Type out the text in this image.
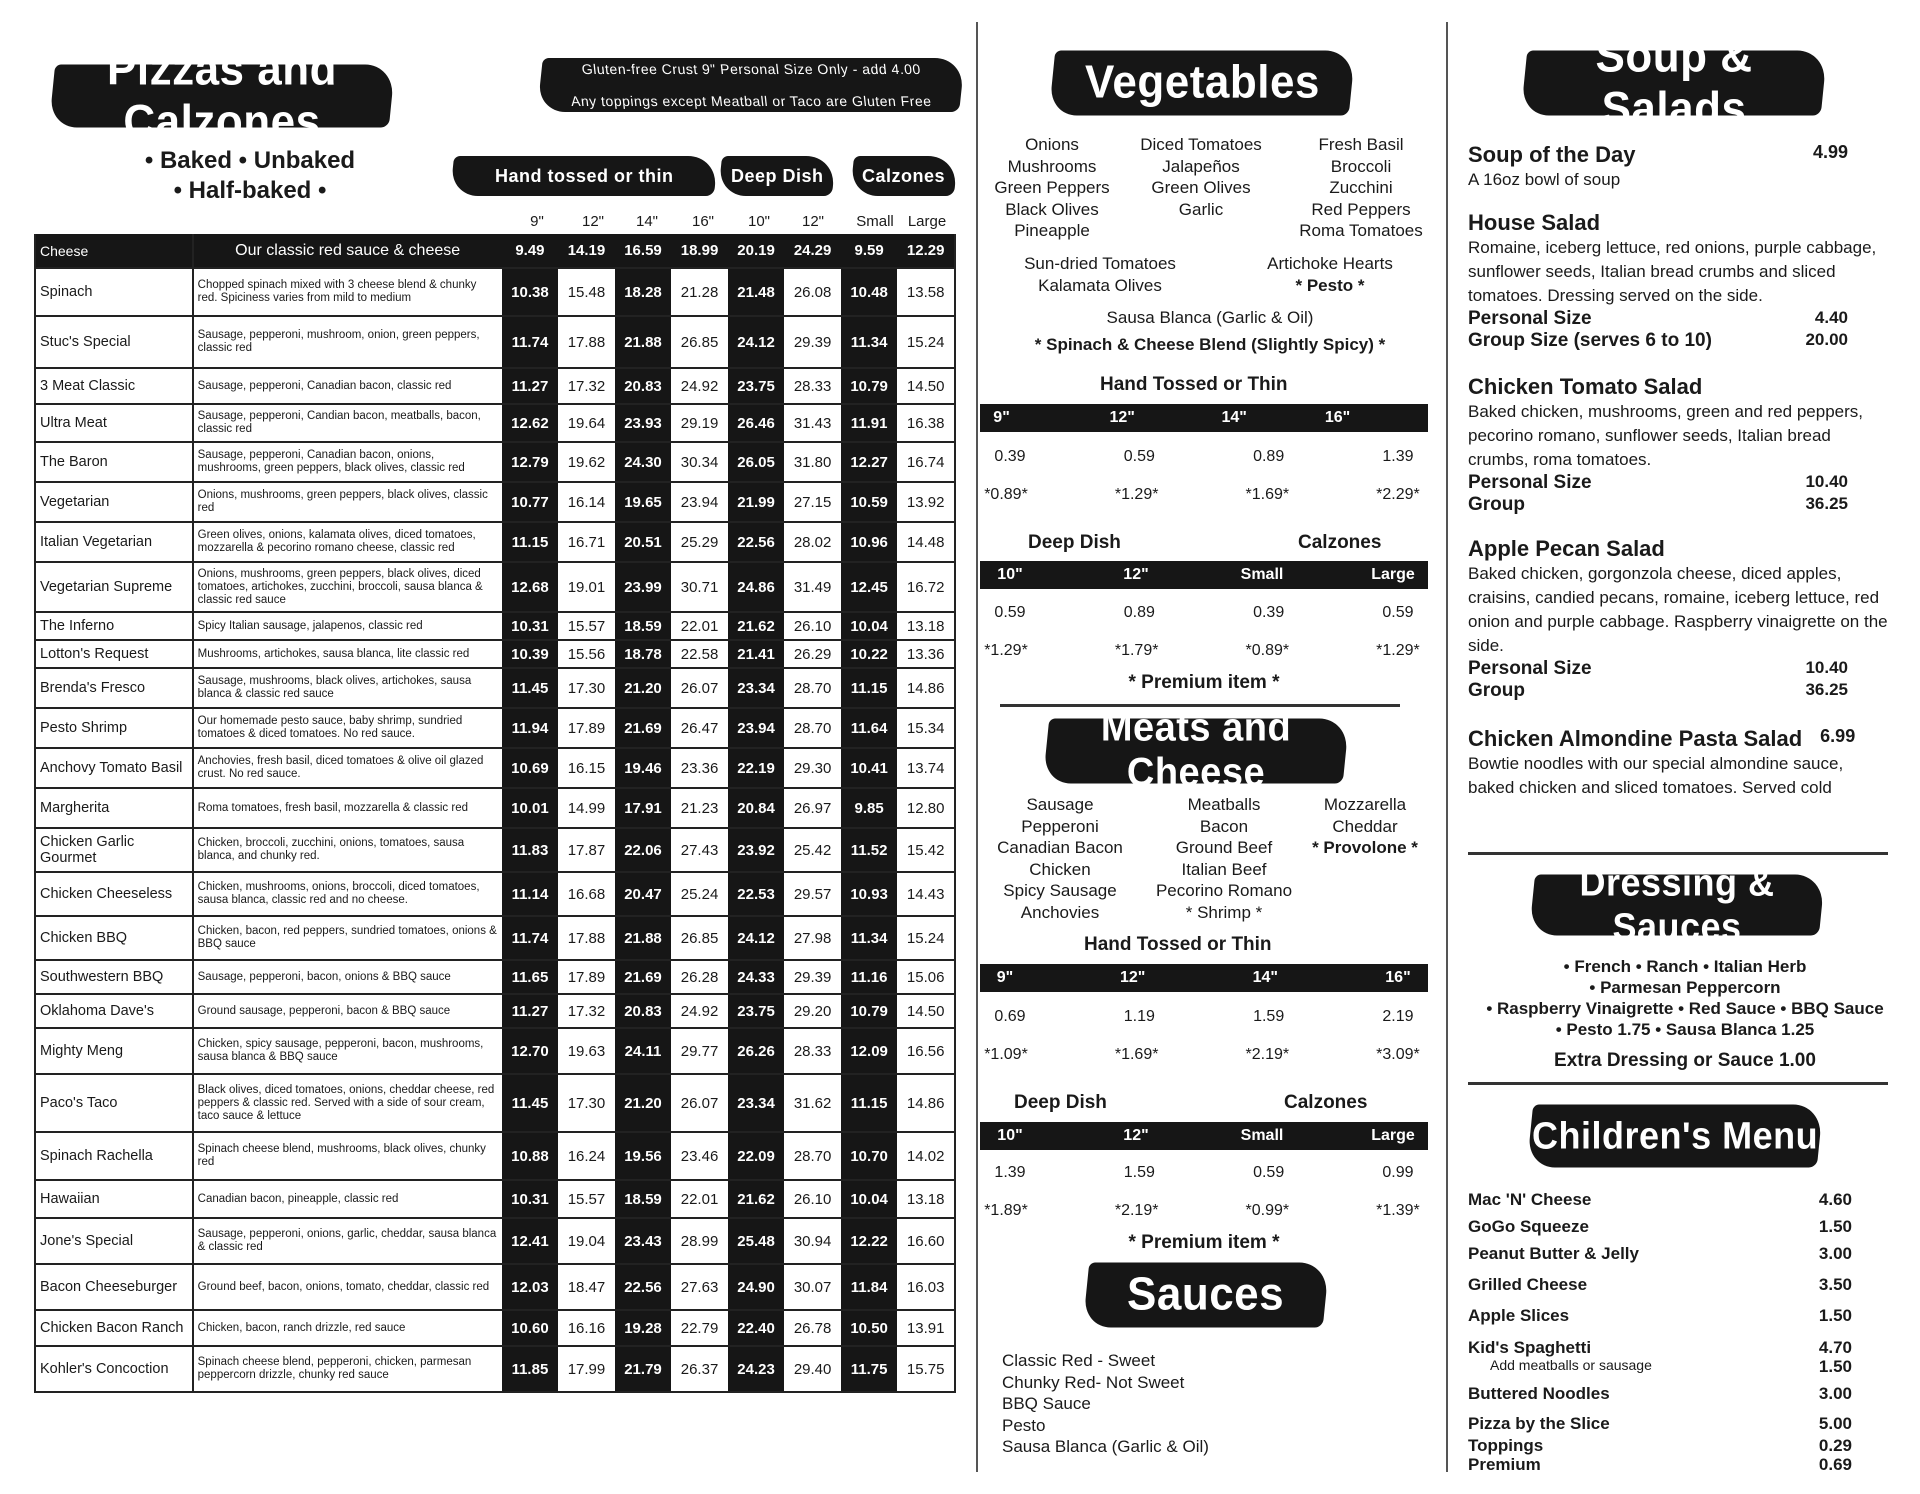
Pizzas and Calzones
Gluten-free Crust 9" Personal Size Only - add 4.00

Any toppings except Meatball or Taco are Gluten Free
• Baked • Unbaked
• Half-baked •
Hand tossed or thin	Deep Dish Calzones
9"	12"	14"	16"	10"	12"	Small Large
Cheese	Our classic red sauce & cheese	9.49	14.19	16.59	18.99	20.19	24.29	9.59	12.29
Spinach	Chopped spinach mixed with 3 cheese blend & chunky red. Spiciness varies from mild to medium	10.38	15.48	18.28	21.28	21.48	26.08	10.48	13.58
Stuc's Special	Sausage, pepperoni, mushroom, onion, green peppers, classic red	11.74	17.88	21.88	26.85	24.12	29.39	11.34	15.24
3 Meat Classic	Sausage, pepperoni, Canadian bacon, classic red	11.27	17.32	20.83	24.92	23.75	28.33	10.79	14.50
Ultra Meat	Sausage, pepperoni, Candian bacon, meatballs, bacon, classic red	12.62	19.64	23.93	29.19	26.46	31.43	11.91	16.38
The Baron	Sausage, pepperoni, Canadian bacon, onions, mushrooms, green peppers, black olives, classic red	12.79	19.62	24.30	30.34	26.05	31.80	12.27	16.74
Vegetarian	Onions, mushrooms, green peppers, black olives, classic red	10.77	16.14	19.65	23.94	21.99	27.15	10.59	13.92
Italian Vegetarian	Green olives, onions, kalamata olives, diced tomatoes, mozzarella & pecorino romano cheese, classic red	11.15	16.71	20.51	25.29	22.56	28.02	10.96	14.48
Vegetarian Supreme	Onions, mushrooms, green peppers, black olives, diced tomatoes, artichokes, zucchini, broccoli, sausa blanca & classic red sauce	12.68	19.01	23.99	30.71	24.86	31.49	12.45	16.72
The Inferno	Spicy Italian sausage, jalapenos, classic red	10.31	15.57	18.59	22.01	21.62	26.10	10.04	13.18
Lotton's Request	Mushrooms, artichokes, sausa blanca, lite classic red	10.39	15.56	18.78	22.58	21.41	26.29	10.22	13.36
Brenda's Fresco	Sausage, mushrooms, black olives, artichokes, sausa blanca & classic red sauce	11.45	17.30	21.20	26.07	23.34	28.70	11.15	14.86
Pesto Shrimp	Our homemade pesto sauce, baby shrimp, sundried tomatoes & diced tomatoes. No red sauce.	11.94	17.89	21.69	26.47	23.94	28.70	11.64	15.34
Anchovy Tomato Basil	Anchovies, fresh basil, diced tomatoes & olive oil glazed crust. No red sauce.	10.69	16.15	19.46	23.36	22.19	29.30	10.41	13.74
Margherita	Roma tomatoes, fresh basil, mozzarella & classic red	10.01	14.99	17.91	21.23	20.84	26.97	9.85	12.80
Chicken Garlic Gourmet	Chicken, broccoli, zucchini, onions, tomatoes, sausa blanca, and chunky red.	11.83	17.87	22.06	27.43	23.92	25.42	11.52	15.42
Chicken Cheeseless	Chicken, mushrooms, onions, broccoli, diced tomatoes, sausa blanca, classic red and no cheese.	11.14	16.68	20.47	25.24	22.53	29.57	10.93	14.43
Chicken BBQ	Chicken, bacon, red peppers, sundried tomatoes, onions & BBQ sauce	11.74	17.88	21.88	26.85	24.12	27.98	11.34	15.24
Southwestern BBQ	Sausage, pepperoni, bacon, onions & BBQ sauce	11.65	17.89	21.69	26.28	24.33	29.39	11.16	15.06
Oklahoma Dave's	Ground sausage, pepperoni, bacon & BBQ sauce	11.27	17.32	20.83	24.92	23.75	29.20	10.79	14.50
Mighty Meng	Chicken, spicy sausage, pepperoni, bacon, mushrooms, sausa blanca & BBQ sauce	12.70	19.63	24.11	29.77	26.26	28.33	12.09	16.56
Paco's Taco	Black olives, diced tomatoes, onions, cheddar cheese, red peppers & classic red. Served with a side of sour cream, taco sauce & lettuce	11.45	17.30	21.20	26.07	23.34	31.62	11.15	14.86
Spinach Rachella	Spinach cheese blend, mushrooms, black olives, chunky red	10.88	16.24	19.56	23.46	22.09	28.70	10.70	14.02
Hawaiian	Canadian bacon, pineapple, classic red	10.31	15.57	18.59	22.01	21.62	26.10	10.04	13.18
Jone's Special	Sausage, pepperoni, onions, garlic, cheddar, sausa blanca & classic red	12.41	19.04	23.43	28.99	25.48	30.94	12.22	16.60
Bacon Cheeseburger	Ground beef, bacon, onions, tomato, cheddar, classic red	12.03	18.47	22.56	27.63	24.90	30.07	11.84	16.03
Chicken Bacon Ranch	Chicken, bacon, ranch drizzle, red sauce	10.60	16.16	19.28	22.79	22.40	26.78	10.50	13.91
Kohler's Concoction	Spinach cheese blend, pepperoni, chicken, parmesan peppercorn drizzle, chunky red sauce	11.85	17.99	21.79	26.37	24.23	29.40	11.75	15.75
Vegetables
Onions
Mushrooms
Green Peppers
Black Olives
Pineapple
Diced Tomatoes
Jalapeños
Green Olives
Garlic
Fresh Basil
Broccoli
Zucchini
Red Peppers
Roma Tomatoes
Sun-dried Tomatoes
Kalamata Olives
Artichoke Hearts
* Pesto *
Sausa Blanca (Garlic & Oil)
* Spinach & Cheese Blend (Slightly Spicy) *
Hand Tossed or Thin
9"	12"	14"	16"
0.39	0.59	0.89	1.39
*0.89*	*1.29*	*1.69*	*2.29*
Deep Dish	Calzones
10"	12"	Small	Large
0.59	0.89	0.39	0.59
*1.29*	*1.79*	*0.89*	*1.29*
* Premium item *
Meats and Cheese
Sausage
Pepperoni
Canadian Bacon
Chicken
Spicy Sausage
Anchovies
Meatballs
Bacon
Ground Beef
Italian Beef
Pecorino Romano
* Shrimp *
Mozzarella
Cheddar
* Provolone *
Hand Tossed or Thin
9"	12"	14"	16"
0.69	1.19	1.59	2.19
*1.09*	*1.69*	*2.19*	*3.09*
Deep Dish	Calzones
10"	12"	Small	Large
1.39	1.59	0.59	0.99
*1.89*	*2.19*	*0.99*	*1.39*
* Premium item *
Sauces
Classic Red - Sweet
Chunky Red- Not Sweet
BBQ Sauce
Pesto
Sausa Blanca (Garlic & Oil)
Soup & Salads
Soup of the Day	4.99
A 16oz bowl of soup
House Salad
Romaine, iceberg lettuce, red onions, purple cabbage, sunflower seeds, Italian bread crumbs and sliced tomatoes. Dressing served on the side.
Personal Size	4.40
Group Size (serves 6 to 10)	20.00
Chicken Tomato Salad
Baked chicken, mushrooms, green and red peppers, pecorino romano, sunflower seeds, Italian bread crumbs, roma tomatoes.
Personal Size	10.40
Group	36.25
Apple Pecan Salad
Baked chicken, gorgonzola cheese, diced apples, craisins, candied pecans, romaine, iceberg lettuce, red onion and purple cabbage. Raspberry vinaigrette on the side.
Personal Size	10.40
Group	36.25
Chicken Almondine Pasta Salad 6.99
Bowtie noodles with our special almondine sauce, baked chicken and sliced tomatoes. Served cold
Dressing & Sauces
• French • Ranch • Italian Herb
• Parmesan Peppercorn
• Raspberry Vinaigrette • Red Sauce • BBQ Sauce
• Pesto 1.75 • Sausa Blanca 1.25
Extra Dressing or Sauce 1.00
Children's Menu
Mac 'N' Cheese	4.60
GoGo Squeeze	1.50
Peanut Butter & Jelly	3.00
Grilled Cheese	3.50
Apple Slices	1.50
Kid's Spaghetti	4.70
Add meatballs or sausage	1.50
Buttered Noodles	3.00
Pizza by the Slice	5.00
Toppings	0.29
Premium	0.69
